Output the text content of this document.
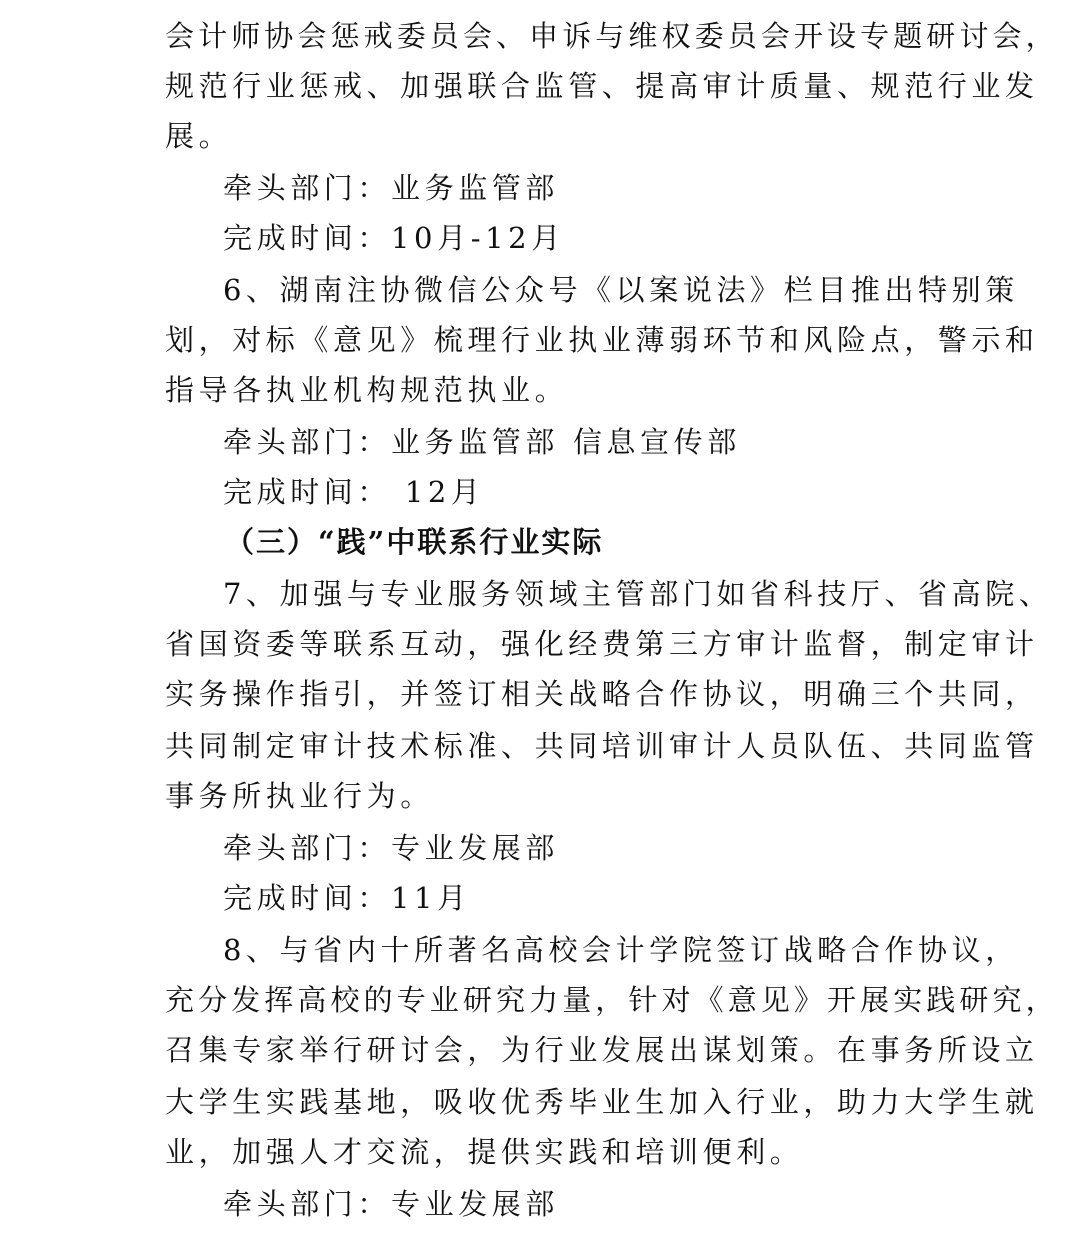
会计师协会惩戒委员会、申诉与维权委员会开设专题研讨会，
规范行业惩戒、加强联合监管、提高审计质量、规范行业发
展。
牵头部门：业务监管部
完成时间：10月-12月
6、湖南注协微信公众号《以案说法》栏目推出特别策
划，对标《意见》梳理行业执业薄弱环节和风险点，警示和
指导各执业机构规范执业。
牵头部门：业务监管部 信息宣传部
完成时间： 12月
（三）“践”中联系行业实际
7、加强与专业服务领域主管部门如省科技厅、省高院、
省国资委等联系互动，强化经费第三方审计监督，制定审计
实务操作指引，并签订相关战略合作协议，明确三个共同，
共同制定审计技术标准、共同培训审计人员队伍、共同监管
事务所执业行为。
牵头部门：专业发展部
完成时间：11月
8、与省内十所著名高校会计学院签订战略合作协议，
充分发挥高校的专业研究力量，针对《意见》开展实践研究，
召集专家举行研讨会，为行业发展出谋划策。在事务所设立
大学生实践基地，吸收优秀毕业生加入行业，助力大学生就
业，加强人才交流，提供实践和培训便利。
牵头部门：专业发展部
